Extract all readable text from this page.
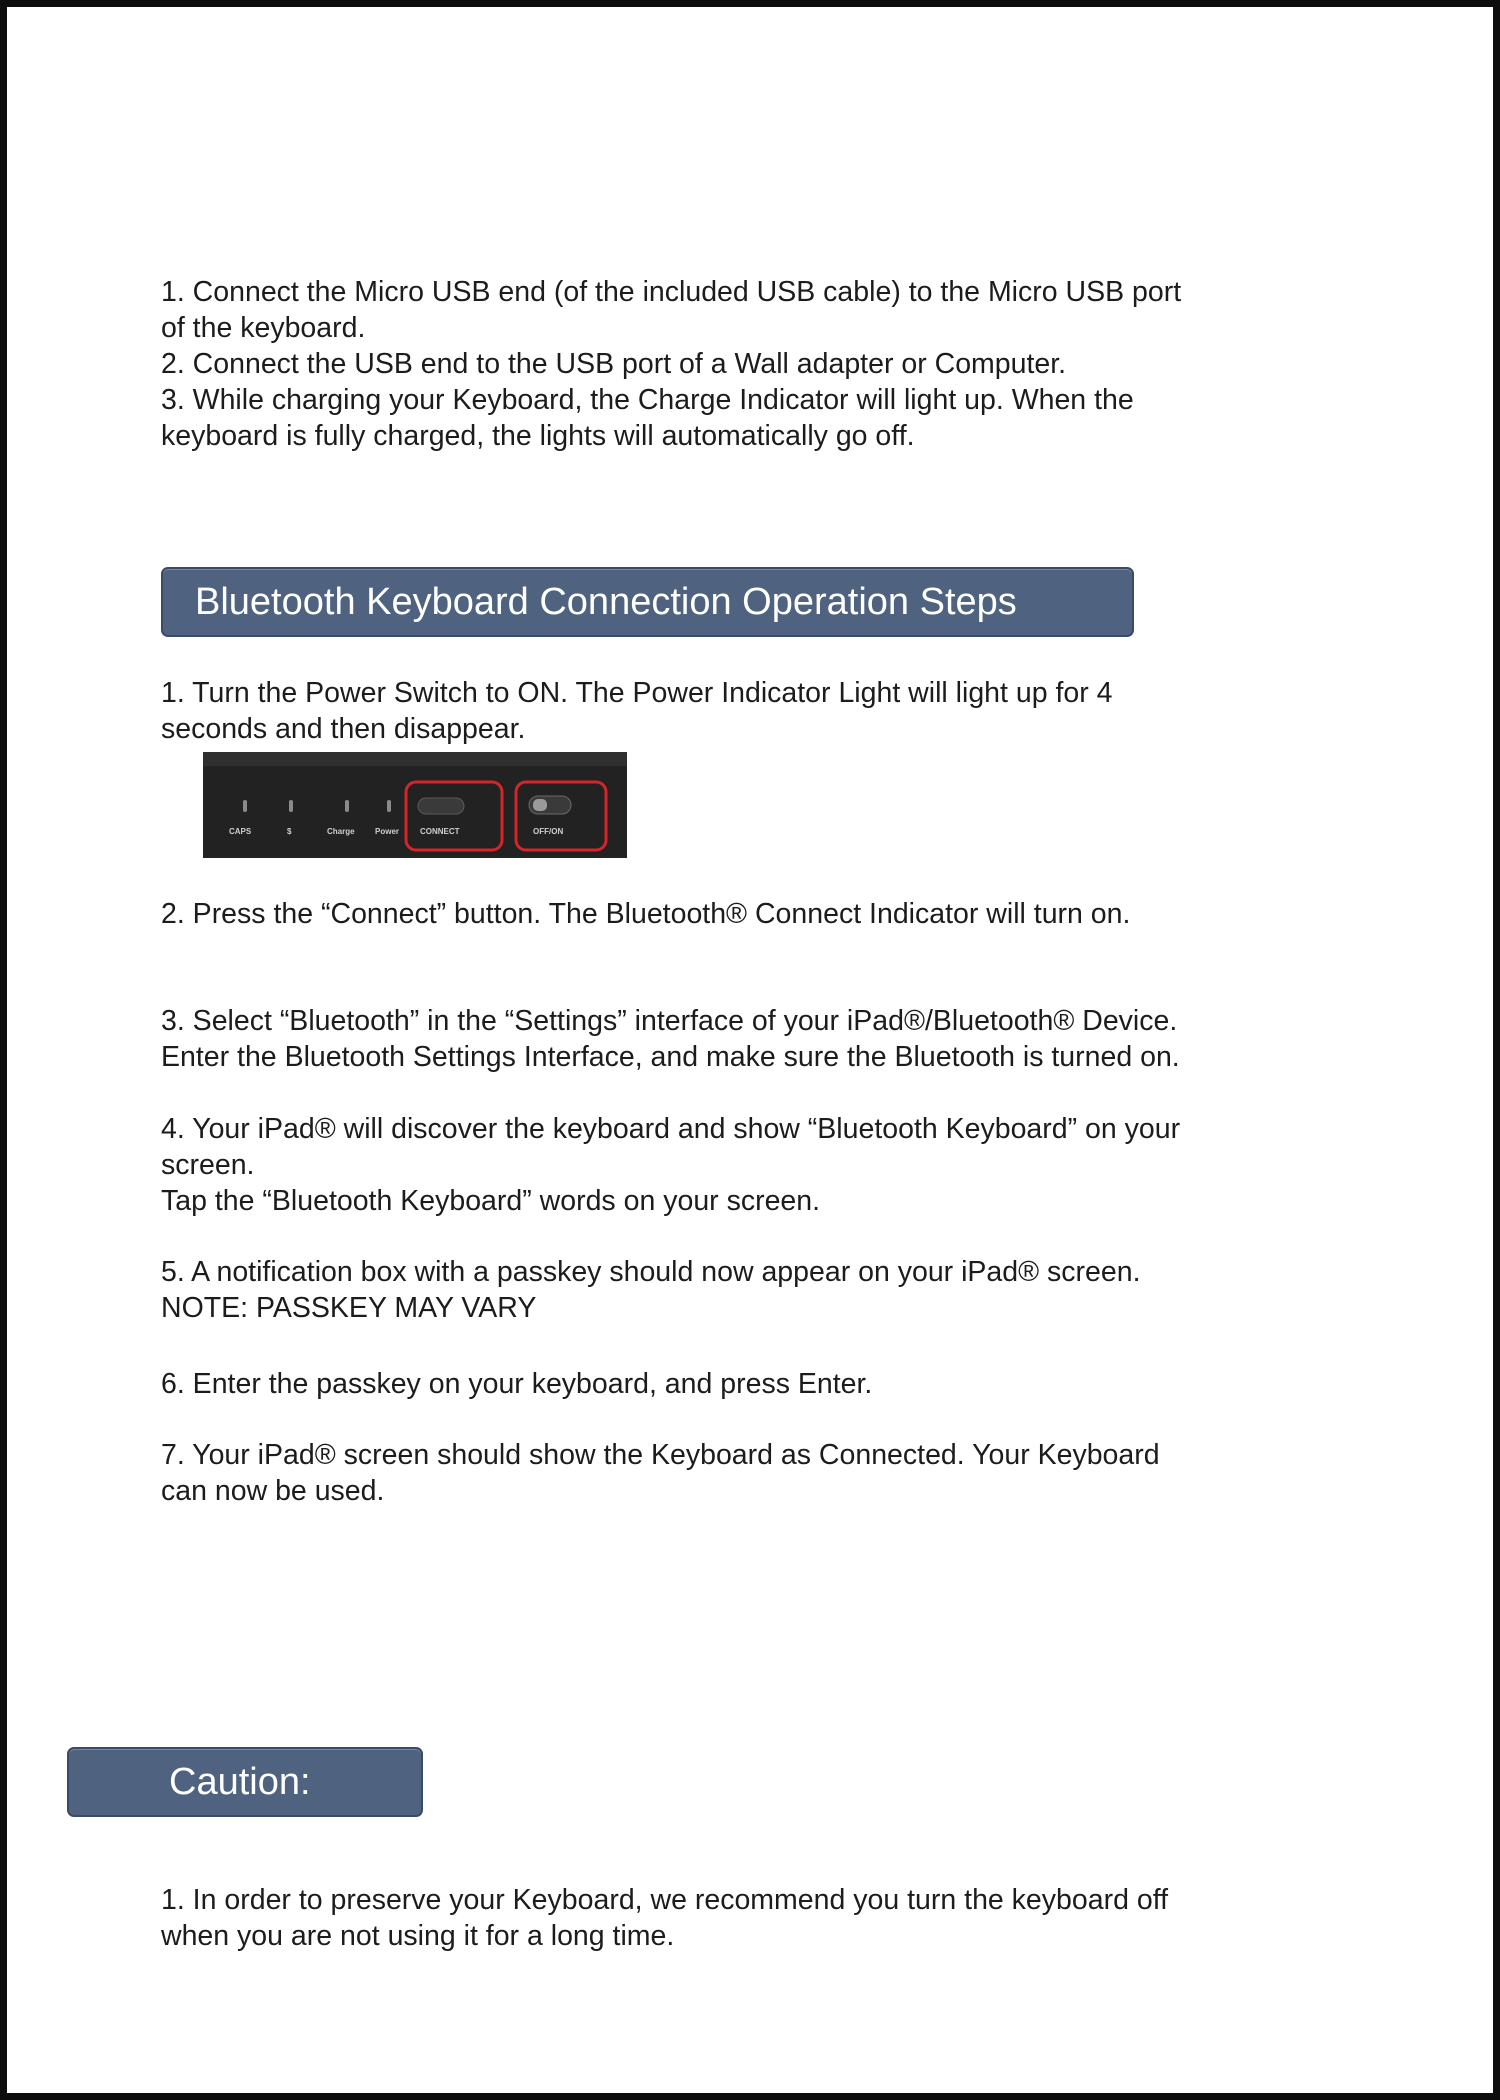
1. Connect the Micro USB end (of the included USB cable) to the Micro USB port
of the keyboard.
2. Connect the USB end to the USB port of a Wall adapter or Computer.
3. While charging your Keyboard, the Charge Indicator will light up. When the
keyboard is fully charged, the lights will automatically go off.
Bluetooth Keyboard Connection Operation Steps
1. Turn the Power Switch to ON. The Power Indicator Light will light up for 4
seconds and then disappear.
CAPS	$	Charge	Power	CONNECT	OFF/ON
2. Press the “Connect” button. The Bluetooth® Connect Indicator will turn on.
3. Select “Bluetooth” in the “Settings” interface of your iPad®/Bluetooth® Device.
Enter the Bluetooth Settings Interface, and make sure the Bluetooth is turned on.
4. Your iPad® will discover the keyboard and show “Bluetooth Keyboard” on your
screen.
Tap the “Bluetooth Keyboard” words on your screen.
5. A notification box with a passkey should now appear on your iPad® screen.
NOTE: PASSKEY MAY VARY
6. Enter the passkey on your keyboard, and press Enter.
7. Your iPad® screen should show the Keyboard as Connected. Your Keyboard
can now be used.
Caution:
1. In order to preserve your Keyboard, we recommend you turn the keyboard off
when you are not using it for a long time.
